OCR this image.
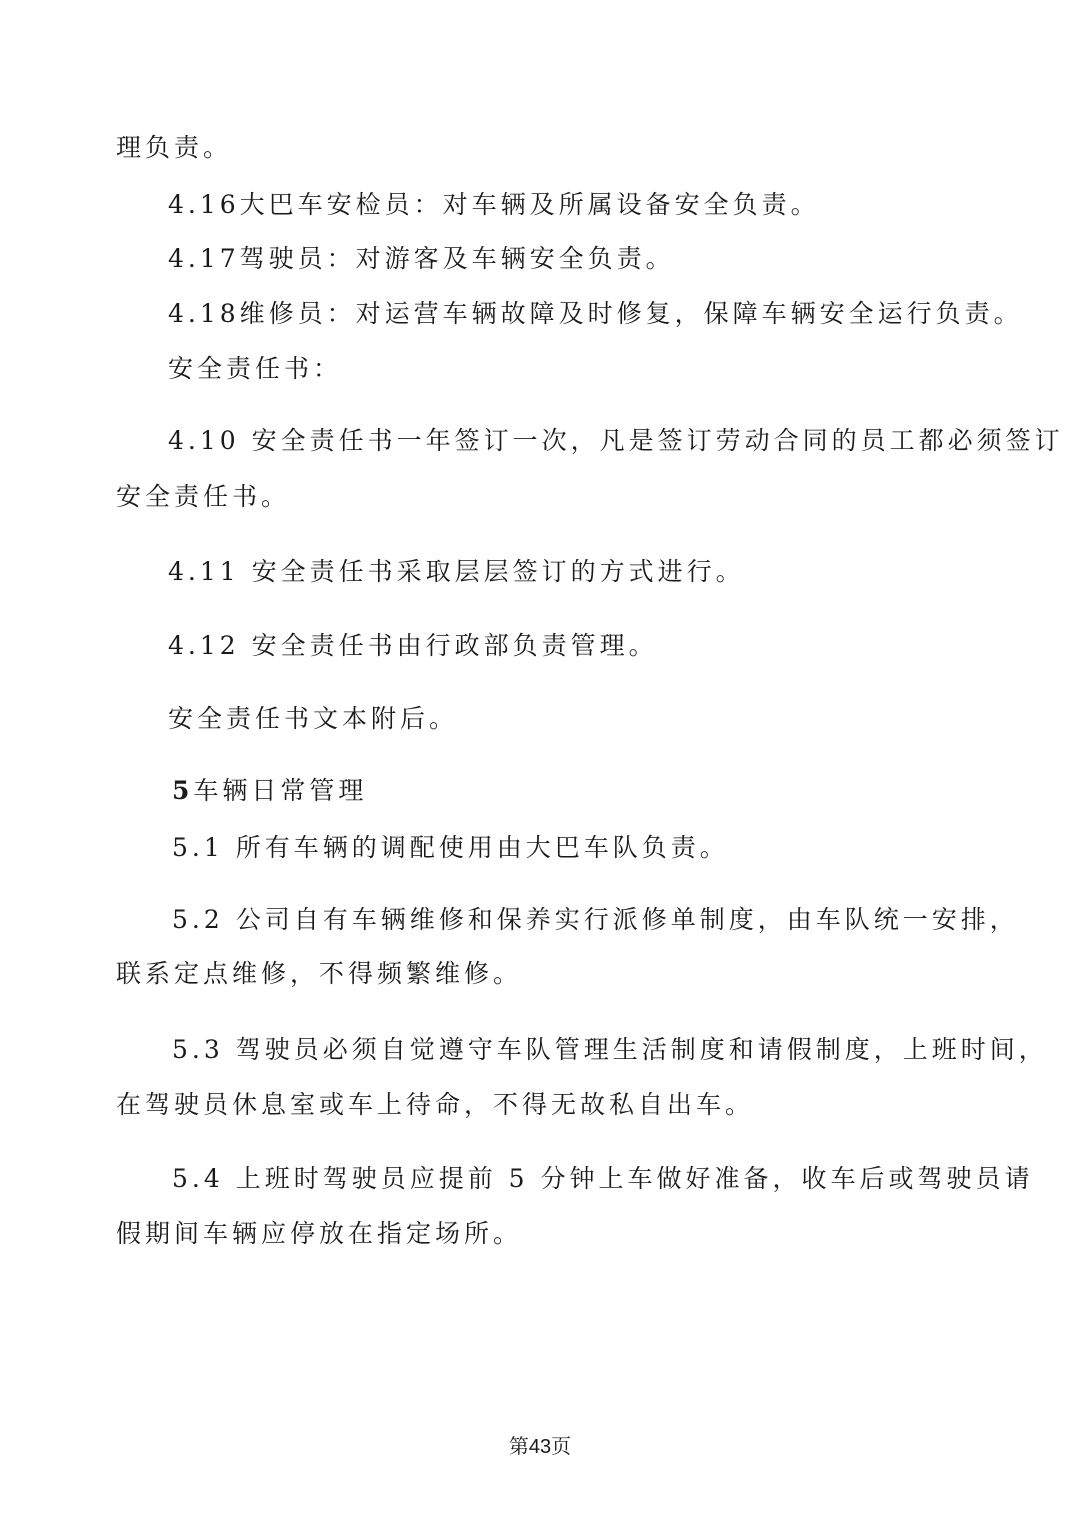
理负责。
4.16大巴车安检员：对车辆及所属设备安全负责。
4.17驾驶员：对游客及车辆安全负责。
4.18维修员：对运营车辆故障及时修复，保障车辆安全运行负责。
安全责任书：
4.10 安全责任书一年签订一次，凡是签订劳动合同的员工都必须签订
安全责任书。
4.11 安全责任书采取层层签订的方式进行。
4.12 安全责任书由行政部负责管理。
安全责任书文本附后。
5车辆日常管理
5.1 所有车辆的调配使用由大巴车队负责。
5.2 公司自有车辆维修和保养实行派修单制度，由车队统一安排，
联系定点维修，不得频繁维修。
5.3 驾驶员必须自觉遵守车队管理生活制度和请假制度，上班时间，
在驾驶员休息室或车上待命，不得无故私自出车。
5.4 上班时驾驶员应提前 5 分钟上车做好准备，收车后或驾驶员请
假期间车辆应停放在指定场所。
第43页
